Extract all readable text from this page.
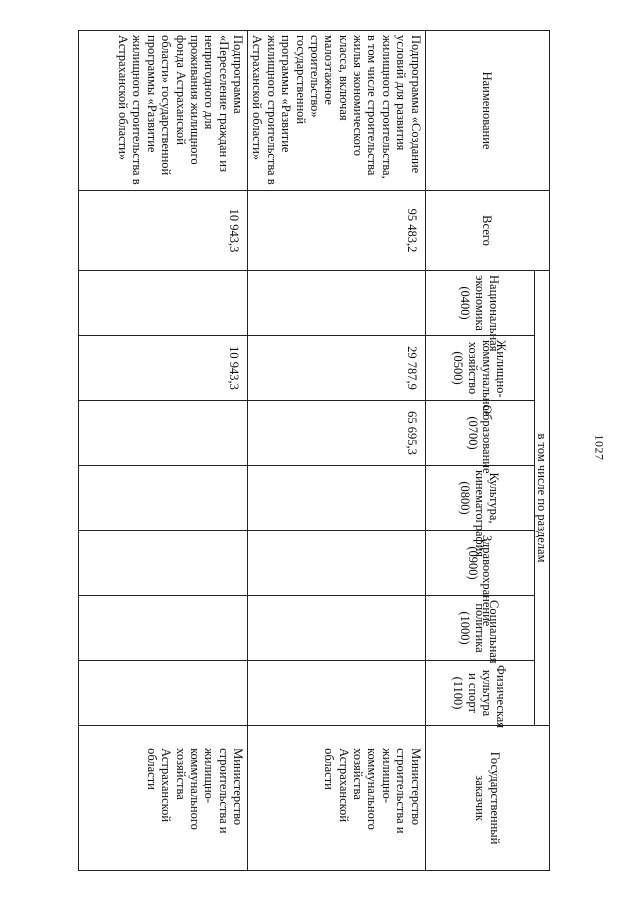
1027
Наименование	Всего	в том числе по разделам							Государственный заказчик
		Национальная экономика (0400)	Жилищно-коммунальное хозяйство (0500)	Образование (0700)	Культура, кинематография (0800)	Здравоохранение (0900)	Социальная политика (1000)	Физическая культура и спорт (1100)	
Подпрограмма «Создание условий для развития жилищного строительства, в том числе строительства жилья экономического класса, включая малоэтажное строительство» государственной программы «Развитие жилищного строительства в Астраханской области»	95 483,2		29 787,9	65 695,3					Министерство строительства и жилищно-коммунального хозяйства Астраханской области
Подпрограмма «Переселение граждан из непригодного для проживания жилищного фонда Астраханской области» государственной программы «Развитие жилищного строительства в Астраханской области»	10 943,3		10 943,3						Министерство строительства и жилищно-коммунального хозяйства Астраханской области
